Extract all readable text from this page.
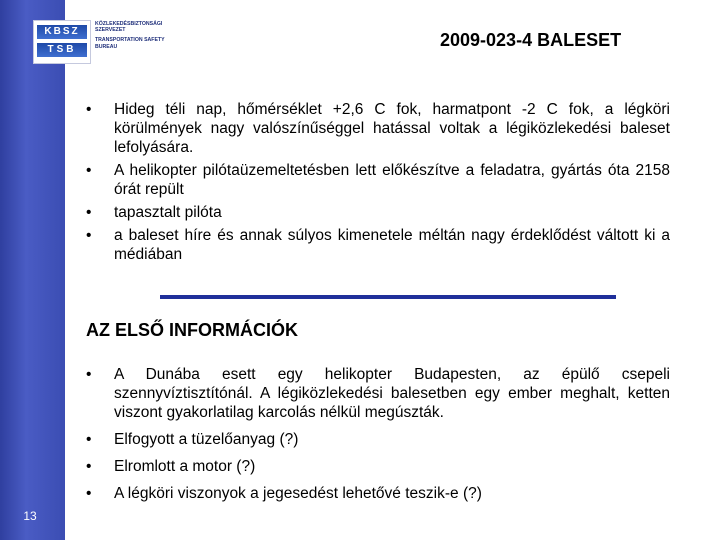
13
KBSZ
TSB
KÖZLEKEDÉSBIZTONSÁGI
SZERVEZET
TRANSPORTATION SAFETY
BUREAU	2009-023-4 BALESET
• Hideg téli nap, hőmérséklet +2,6 C fok, harmatpont -2 C fok, a légköri körülmények nagy valószínűséggel hatással voltak a légiközlekedési baleset lefolyására.
• A helikopter pilótaüzemeltetésben lett előkészítve a feladatra, gyártás óta 2158 órát repült
• tapasztalt pilóta
• a baleset híre és annak súlyos kimenetele méltán nagy érdeklődést váltott ki a médiában
AZ ELSŐ INFORMÁCIÓK
• A Dunába esett egy helikopter Budapesten, az épülő csepeli szennyvíztisztítónál. A légiközlekedési balesetben egy ember meghalt, ketten viszont gyakorlatilag karcolás nélkül megúszták.
• Elfogyott a tüzelőanyag (?)
• Elromlott a motor (?)
• A légköri viszonyok a jegesedést lehetővé teszik-e (?)
